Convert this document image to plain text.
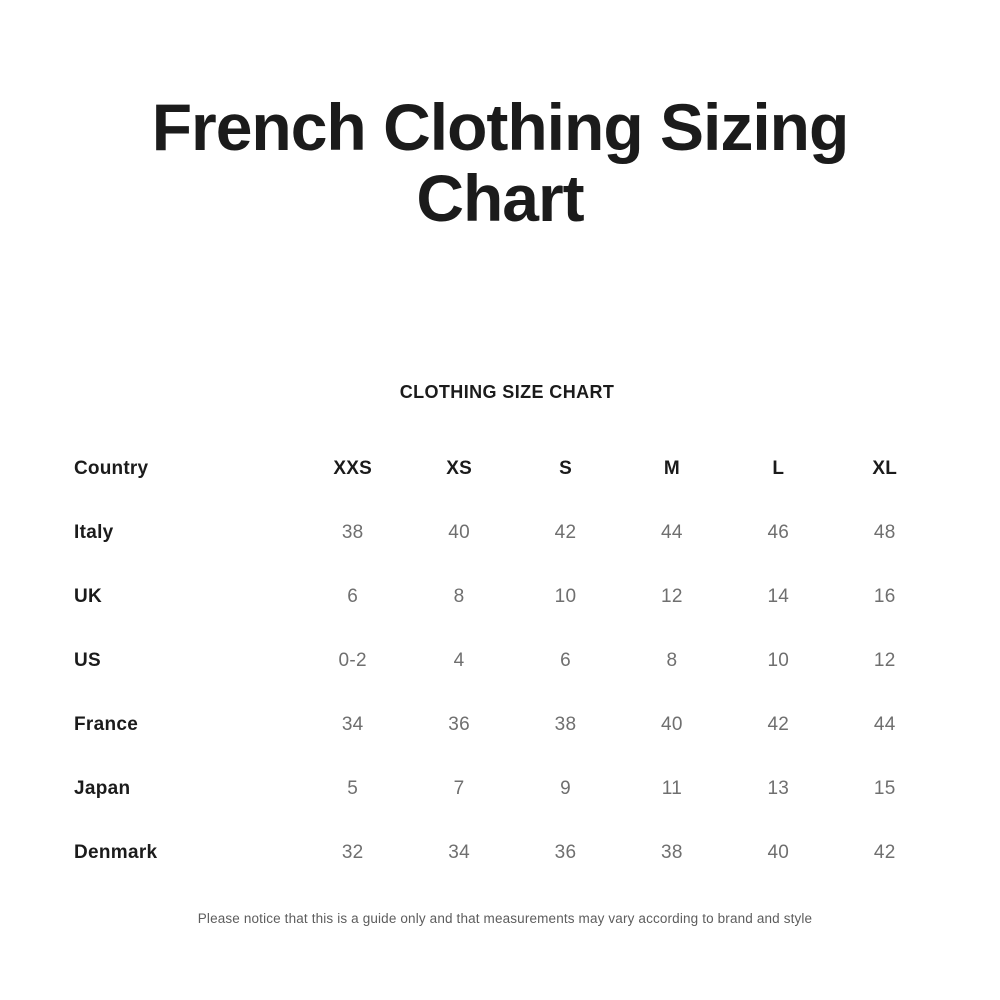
French Clothing Sizing Chart
CLOTHING SIZE CHART
Country	XXS	XS	S	M	L	XL
Italy	38	40	42	44	46	48
UK	6	8	10	12	14	16
US	0-2	4	6	8	10	12
France	34	36	38	40	42	44
Japan	5	7	9	11	13	15
Denmark	32	34	36	38	40	42
Please notice that this is a guide only and that measurements may vary according to brand and style
